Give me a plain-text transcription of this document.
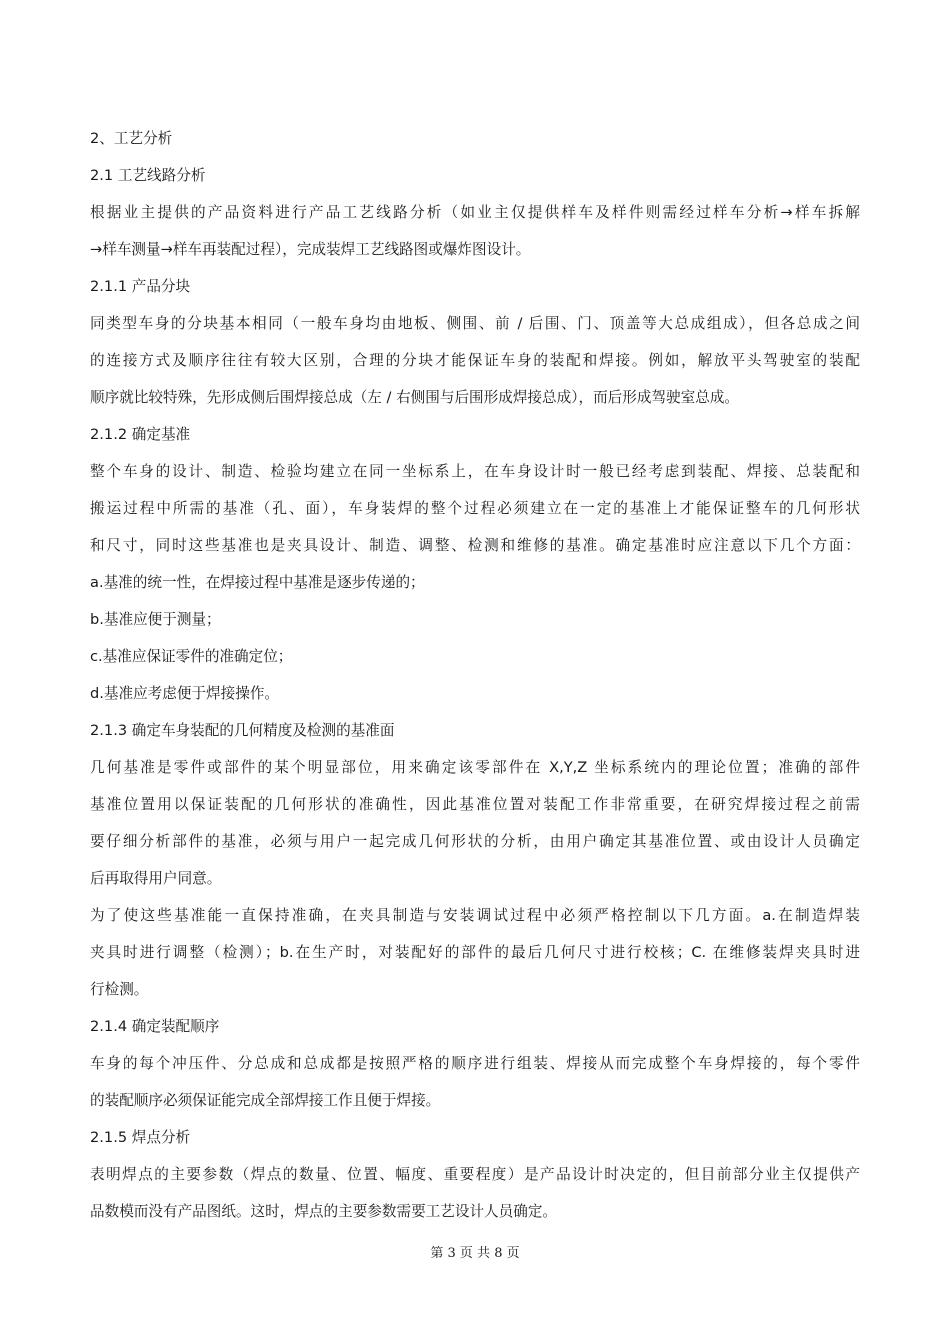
2、工艺分析
2.1 工艺线路分析
根据业主提供的产品资料进行产品工艺线路分析（如业主仅提供样车及样件则需经过样车分析→样车拆解
→样车测量→样车再装配过程），完成装焊工艺线路图或爆炸图设计。
2.1.1 产品分块
同类型车身的分块基本相同（一般车身均由地板、侧围、前 / 后围、门、顶盖等大总成组成），但各总成之间
的连接方式及顺序往往有较大区别，合理的分块才能保证车身的装配和焊接。例如，解放平头驾驶室的装配
顺序就比较特殊，先形成侧后围焊接总成（左 / 右侧围与后围形成焊接总成），而后形成驾驶室总成。
2.1.2 确定基准
整个车身的设计、制造、检验均建立在同一坐标系上，在车身设计时一般已经考虑到装配、焊接、总装配和
搬运过程中所需的基准（孔、面），车身装焊的整个过程必须建立在一定的基准上才能保证整车的几何形状
和尺寸，同时这些基准也是夹具设计、制造、调整、检测和维修的基准。确定基准时应注意以下几个方面：
a.基准的统一性，在焊接过程中基准是逐步传递的；
b.基准应便于测量；
c.基准应保证零件的准确定位；
d.基准应考虑便于焊接操作。
2.1.3 确定车身装配的几何精度及检测的基准面
几何基准是零件或部件的某个明显部位，用来确定该零部件在 X,Y,Z 坐标系统内的理论位置；准确的部件
基准位置用以保证装配的几何形状的准确性，因此基准位置对装配工作非常重要，在研究焊接过程之前需
要仔细分析部件的基准，必须与用户一起完成几何形状的分析，由用户确定其基准位置、或由设计人员确定
后再取得用户同意。
为了使这些基准能一直保持准确，在夹具制造与安装调试过程中必须严格控制以下几方面。a.在制造焊装
夹具时进行调整（检测）；b.在生产时，对装配好的部件的最后几何尺寸进行校核；C. 在维修装焊夹具时进
行检测。
2.1.4 确定装配顺序
车身的每个冲压件、分总成和总成都是按照严格的顺序进行组装、焊接从而完成整个车身焊接的，每个零件
的装配顺序必须保证能完成全部焊接工作且便于焊接。
2.1.5 焊点分析
表明焊点的主要参数（焊点的数量、位置、幅度、重要程度）是产品设计时决定的，但目前部分业主仅提供产
品数模而没有产品图纸。这时，焊点的主要参数需要工艺设计人员确定。
第 3 页 共 8 页
